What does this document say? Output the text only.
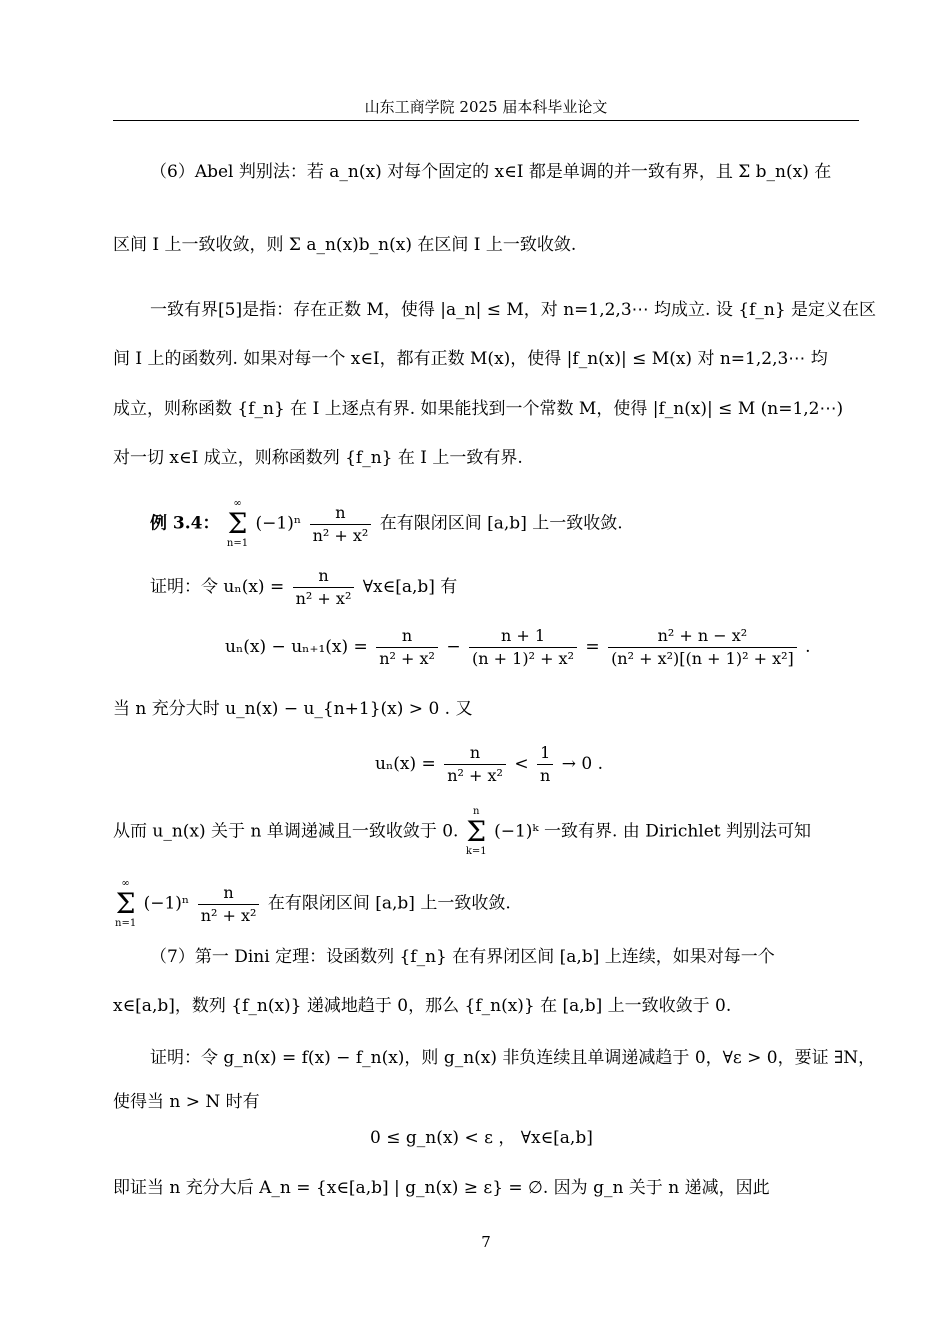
山东工商学院 2025 届本科毕业论文
（6）Abel 判别法：若 a_n(x) 对每个固定的 x∈I 都是单调的并一致有界，且 Σ b_n(x) 在
区间 I 上一致收敛，则 Σ a_n(x)b_n(x) 在区间 I 上一致收敛.
一致有界[5]是指：存在正数 M，使得 |a_n| ≤ M，对 n=1,2,3⋯ 均成立. 设 {f_n} 是定义在区
间 I 上的函数列. 如果对每一个 x∈I，都有正数 M(x)，使得 |f_n(x)| ≤ M(x) 对 n=1,2,3⋯ 均
成立，则称函数 {f_n} 在 I 上逐点有界. 如果能找到一个常数 M，使得 |f_n(x)| ≤ M (n=1,2⋯)
对一切 x∈I 成立，则称函数列 {f_n} 在 I 上一致有界.
例 3.4：
∞
Σ
n=1
$(-1)^n \frac{n}{\text{n² + x²}}$ 在有限闭区间 [a,b] 上一致收敛.
证明：令 $u_n(x) = \frac{n}{\text{n² + x²}}$ ∀x∈[a,b] 有
$u_n(x) - u_{n+1}(x) = \frac{n}{\text{n² + x²}} - \frac{n + 1}{\text{(n + 1)² + x²}} = \frac{\text{n² + n − x²}}{\text{(n² + x²)[(n + 1)² + x²]}}$ .
当 n 充分大时 u_n(x) − u_{n+1}(x) > 0 . 又
$u_n(x) = \frac{n}{\text{n² + x²}} < \frac{1}{n} \to 0$ .
从而 u_n(x) 关于 n 单调递减且一致收敛于 0.
n
Σ
k=1
(−1)ᵏ 一致有界. 由 Dirichlet 判别法可知
∞
Σ
n=1
$(-1)^n \frac{n}{\text{n² + x²}}$ 在有限闭区间 [a,b] 上一致收敛.
（7）第一 Dini 定理：设函数列 {f_n} 在有界闭区间 [a,b] 上连续，如果对每一个
x∈[a,b]，数列 {f_n(x)} 递减地趋于 0，那么 {f_n(x)} 在 [a,b] 上一致收敛于 0.
证明：令 g_n(x) = f(x) − f_n(x)，则 g_n(x) 非负连续且单调递减趋于 0，∀ε > 0，要证 ∃N，
使得当 n > N 时有
0 ≤ g_n(x) < ε ， ∀x∈[a,b]
即证当 n 充分大后 A_n = {x∈[a,b] | g_n(x) ≥ ε} = ∅. 因为 g_n 关于 n 递减，因此
7
